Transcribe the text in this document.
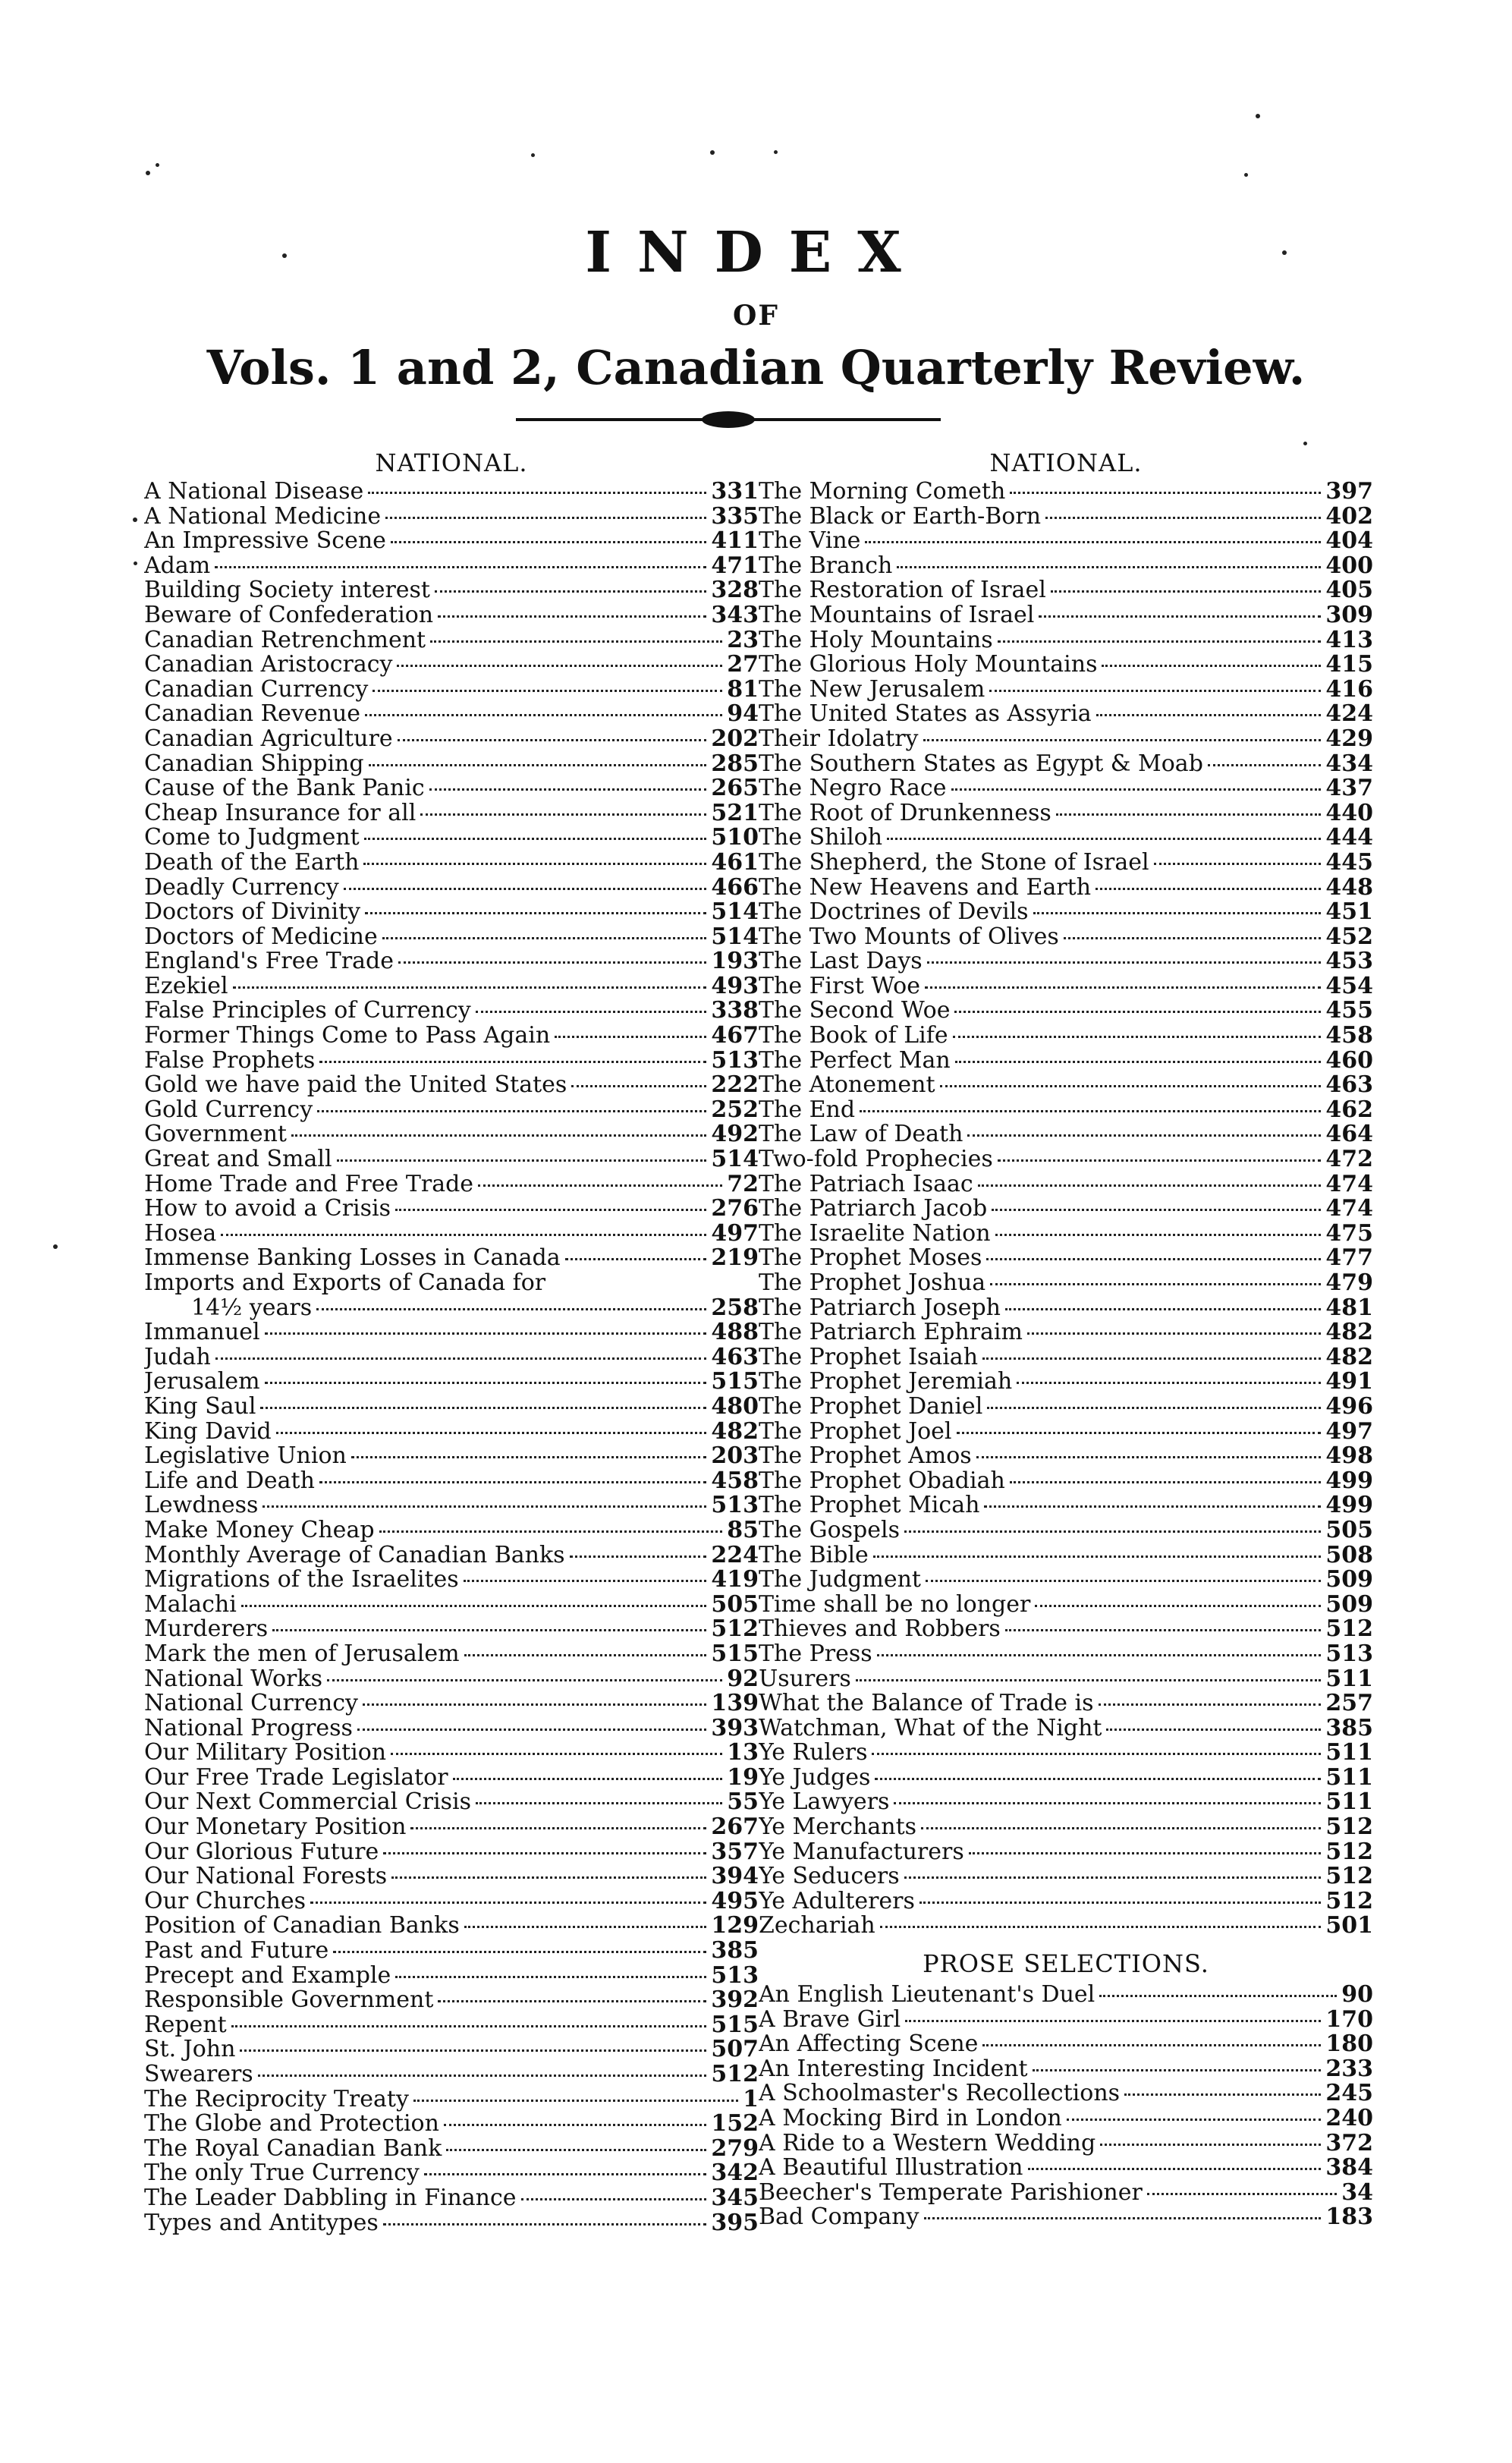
INDEX
OF
Vols. 1 and 2, Canadian Quarterly Review.
NATIONAL.
A National Disease	331
A National Medicine	335
An Impressive Scene	411
Adam	471
Building Society interest	328
Beware of Confederation	343
Canadian Retrenchment	23
Canadian Aristocracy	27
Canadian Currency	81
Canadian Revenue	94
Canadian Agriculture	202
Canadian Shipping	285
Cause of the Bank Panic	265
Cheap Insurance for all	521
Come to Judgment	510
Death of the Earth	461
Deadly Currency	466
Doctors of Divinity	514
Doctors of Medicine	514
England's Free Trade	193
Ezekiel	493
False Principles of Currency	338
Former Things Come to Pass Again	467
False Prophets	513
Gold we have paid the United States	222
Gold Currency	252
Government	492
Great and Small	514
Home Trade and Free Trade	72
How to avoid a Crisis	276
Hosea	497
Immense Banking Losses in Canada	219
Imports and Exports of Canada for
14½ years	258
Immanuel	488
Judah	463
Jerusalem	515
King Saul	480
King David	482
Legislative Union	203
Life and Death	458
Lewdness	513
Make Money Cheap	85
Monthly Average of Canadian Banks	224
Migrations of the Israelites	419
Malachi	505
Murderers	512
Mark the men of Jerusalem	515
National Works	92
National Currency	139
National Progress	393
Our Military Position	13
Our Free Trade Legislator	19
Our Next Commercial Crisis	55
Our Monetary Position	267
Our Glorious Future	357
Our National Forests	394
Our Churches	495
Position of Canadian Banks	129
Past and Future	385
Precept and Example	513
Responsible Government	392
Repent	515
St. John	507
Swearers	512
The Reciprocity Treaty	1
The Globe and Protection	152
The Royal Canadian Bank	279
The only True Currency	342
The Leader Dabbling in Finance	345
Types and Antitypes	395
NATIONAL.
The Morning Cometh	397
The Black or Earth-Born	402
The Vine	404
The Branch	400
The Restoration of Israel	405
The Mountains of Israel	309
The Holy Mountains	413
The Glorious Holy Mountains	415
The New Jerusalem	416
The United States as Assyria	424
Their Idolatry	429
The Southern States as Egypt & Moab	434
The Negro Race	437
The Root of Drunkenness	440
The Shiloh	444
The Shepherd, the Stone of Israel	445
The New Heavens and Earth	448
The Doctrines of Devils	451
The Two Mounts of Olives	452
The Last Days	453
The First Woe	454
The Second Woe	455
The Book of Life	458
The Perfect Man	460
The Atonement	463
The End	462
The Law of Death	464
Two-fold Prophecies	472
The Patriach Isaac	474
The Patriarch Jacob	474
The Israelite Nation	475
The Prophet Moses	477
The Prophet Joshua	479
The Patriarch Joseph	481
The Patriarch Ephraim	482
The Prophet Isaiah	482
The Prophet Jeremiah	491
The Prophet Daniel	496
The Prophet Joel	497
The Prophet Amos	498
The Prophet Obadiah	499
The Prophet Micah	499
The Gospels	505
The Bible	508
The Judgment	509
Time shall be no longer	509
Thieves and Robbers	512
The Press	513
Usurers	511
What the Balance of Trade is	257
Watchman, What of the Night	385
Ye Rulers	511
Ye Judges	511
Ye Lawyers	511
Ye Merchants	512
Ye Manufacturers	512
Ye Seducers	512
Ye Adulterers	512
Zechariah	501
PROSE SELECTIONS.
An English Lieutenant's Duel	90
A Brave Girl	170
An Affecting Scene	180
An Interesting Incident	233
A Schoolmaster's Recollections	245
A Mocking Bird in London	240
A Ride to a Western Wedding	372
A Beautiful Illustration	384
Beecher's Temperate Parishioner	34
Bad Company	183
